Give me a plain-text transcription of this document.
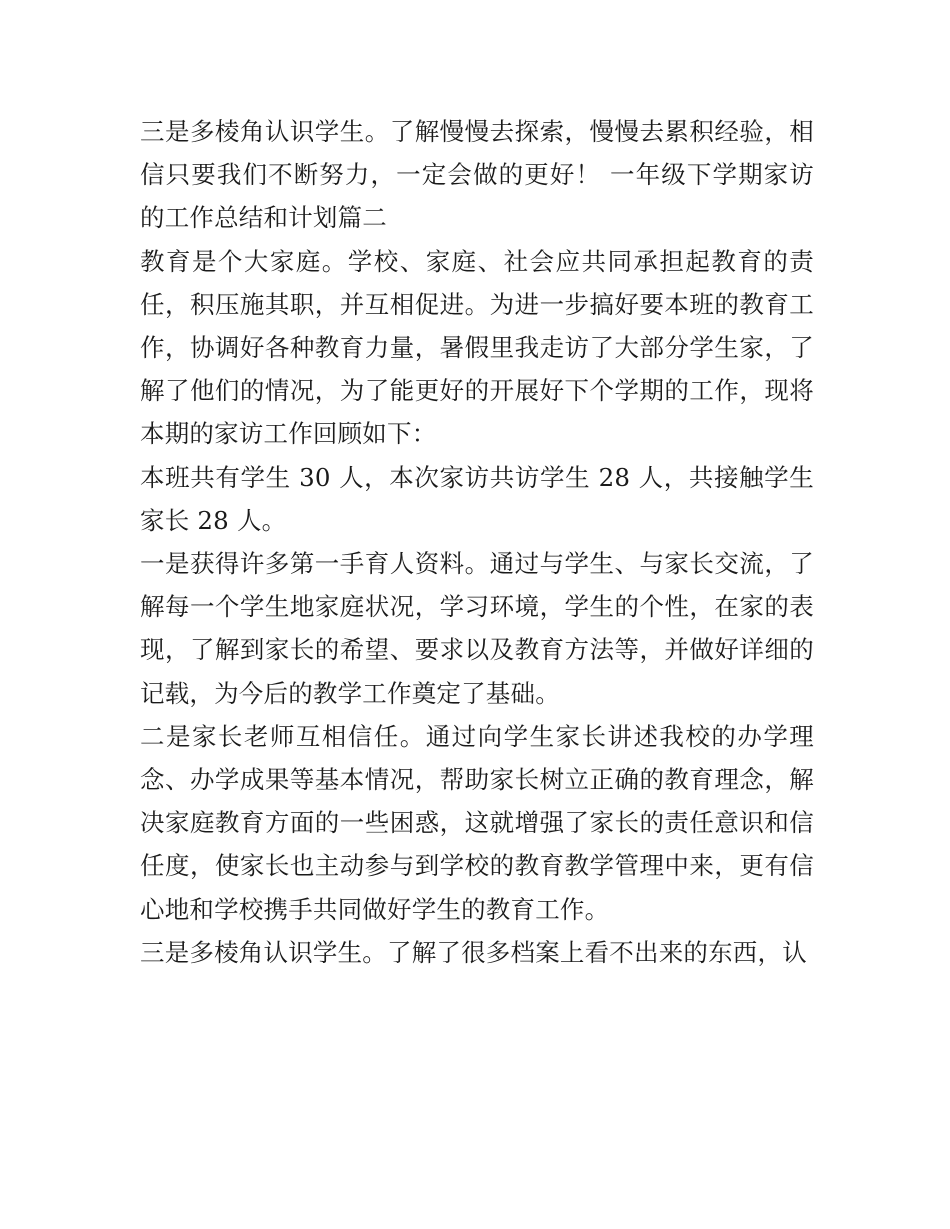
三是多棱角认识学生。了解慢慢去探索，慢慢去累积经验，相信只要我们不断努力，一定会做的更好！ 一年级下学期家访的工作总结和计划篇二

教育是个大家庭。学校、家庭、社会应共同承担起教育的责任，积压施其职，并互相促进。为进一步搞好要本班的教育工作，协调好各种教育力量，暑假里我走访了大部分学生家，了解了他们的情况，为了能更好的开展好下个学期的工作，现将本期的家访工作回顾如下：

本班共有学生 30 人，本次家访共访学生 28 人，共接触学生家长 28 人。

一是获得许多第一手育人资料。通过与学生、与家长交流，了解每一个学生地家庭状况，学习环境，学生的个性，在家的表现，了解到家长的希望、要求以及教育方法等，并做好详细的记载，为今后的教学工作奠定了基础。

二是家长老师互相信任。通过向学生家长讲述我校的办学理念、办学成果等基本情况，帮助家长树立正确的教育理念，解决家庭教育方面的一些困惑，这就增强了家长的责任意识和信任度，使家长也主动参与到学校的教育教学管理中来，更有信心地和学校携手共同做好学生的教育工作。

三是多棱角认识学生。了解了很多档案上看不出来的东西，认
